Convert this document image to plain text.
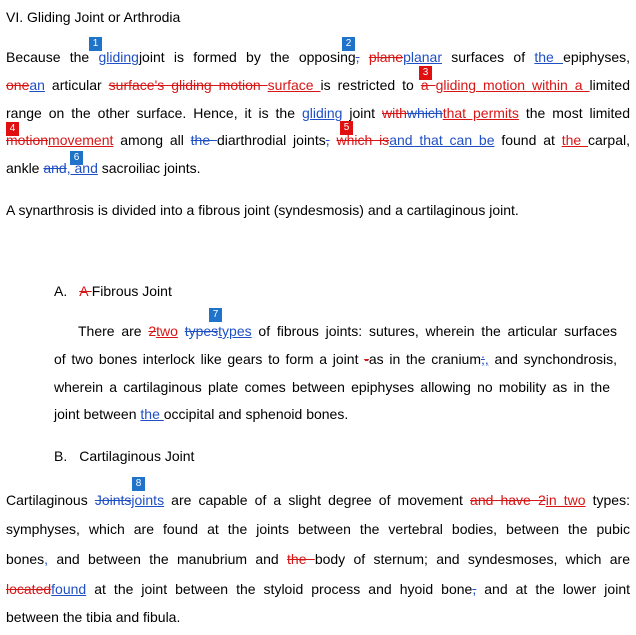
VI. Gliding Joint or Arthrodia
1	2
3
4	5
6
7
8
Because the glidingjoint is formed by the opposing, planeplanar surfaces of the epiphyses,
onean articular surface's gliding motion surface is restricted to a gliding motion within a limited
range on the other surface. Hence, it is the gliding joint withwhichthat permits the most limited
motionmovement among all the diarthrodial joints, which isand that can be found at the carpal,
ankle and, and sacroiliac joints.
A synarthrosis is divided into a fibrous joint (syndesmosis) and a cartilaginous joint.
A. A Fibrous Joint
There are 2two typestypes of fibrous joints: sutures, wherein the articular surfaces
of two bones interlock like gears to form a joint -as in the cranium;, and synchondrosis,
wherein a cartilaginous plate comes between epiphyses allowing no mobility as in the
joint between the occipital and sphenoid bones.
B. Cartilaginous Joint
Cartilaginous Jointsjoints are capable of a slight degree of movement and have 2in two types:
symphyses, which are found at the joints between the vertebral bodies, between the pubic
bones, and between the manubrium and the body of sternum; and syndesmoses, which are
locatedfound at the joint between the styloid process and hyoid bone, and at the lower joint
between the tibia and fibula.
